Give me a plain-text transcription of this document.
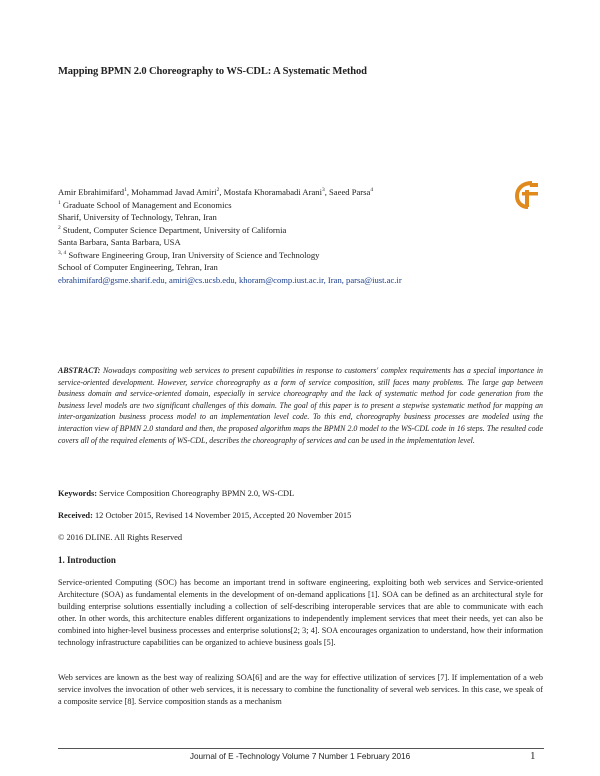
Mapping BPMN 2.0 Choreography to WS-CDL: A Systematic Method

Amir Ebrahimifard$^1$, Mohammad Javad Amiri$^2$, Mostafa Khoramabadi Arani$^3$, Saeed Parsa$^4$

$^1$ Graduate School of Management and Economics

Sharif, University of Technology, Tehran, Iran

$^2$ Student, Computer Science Department, University of California

Santa Barbara, Santa Barbara, USA

$^{3, 4}$ Software Engineering Group, Iran University of Science and Technology

School of Computer Engineering, Tehran, Iran

ebrahimifard@gsme.sharif.edu, amiri@cs.ucsb.edu, khoram@comp.iust.ac.ir, Iran, parsa@iust.ac.ir

ABSTRACT: Nowadays compositing web services to present capabilities in response to customers' complex requirements has a special importance in service-oriented development. However, service choreography as a form of service composition, still faces many problems. The large gap between business domain and service-oriented domain, especially in service choreography and the lack of systematic method for code generation from the business level models are two significant challenges of this domain. The goal of this paper is to present a stepwise systematic method for mapping an inter-organization business process model to an implementation level code. To this end, choreography business processes are modeled using the interaction view of BPMN 2.0 standard and then, the proposed algorithm maps the BPMN 2.0 model to the WS-CDL code in 16 steps. The resulted code covers all of the required elements of WS-CDL, describes the choreography of services and can be used in the implementation level.
Keywords: Service Composition Choreography BPMN 2.0, WS-CDL
Received: 12 October 2015, Revised 14 November 2015, Accepted 20 November 2015
© 2016 DLINE. All Rights Reserved
1. Introduction

Service-oriented Computing (SOC) has become an important trend in software engineering, exploiting both web services and Service-oriented Architecture (SOA) as fundamental elements in the development of on-demand applications [1]. SOA can be defined as an architectural style for building enterprise solutions essentially including a collection of self-describing interoperable services that are able to communicate with each other. In other words, this architecture enables different organizations to independently implement services that meet their needs, yet can also be combined into higher-level business processes and enterprise solutions[2; 3; 4]. SOA encourages organization to understand, how their information technology infrastructure capabilities can be organized to achieve business goals [5].

Web services are known as the best way of realizing SOA[6] and are the way for effective utilization of services [7]. If implementation of a web service involves the invocation of other web services, it is necessary to combine the functionality of several web services. In this case, we speak of a composite service [8]. Service composition stands as a mechanism

Journal of E -Technology Volume 7 Number 1 February 2016	1
